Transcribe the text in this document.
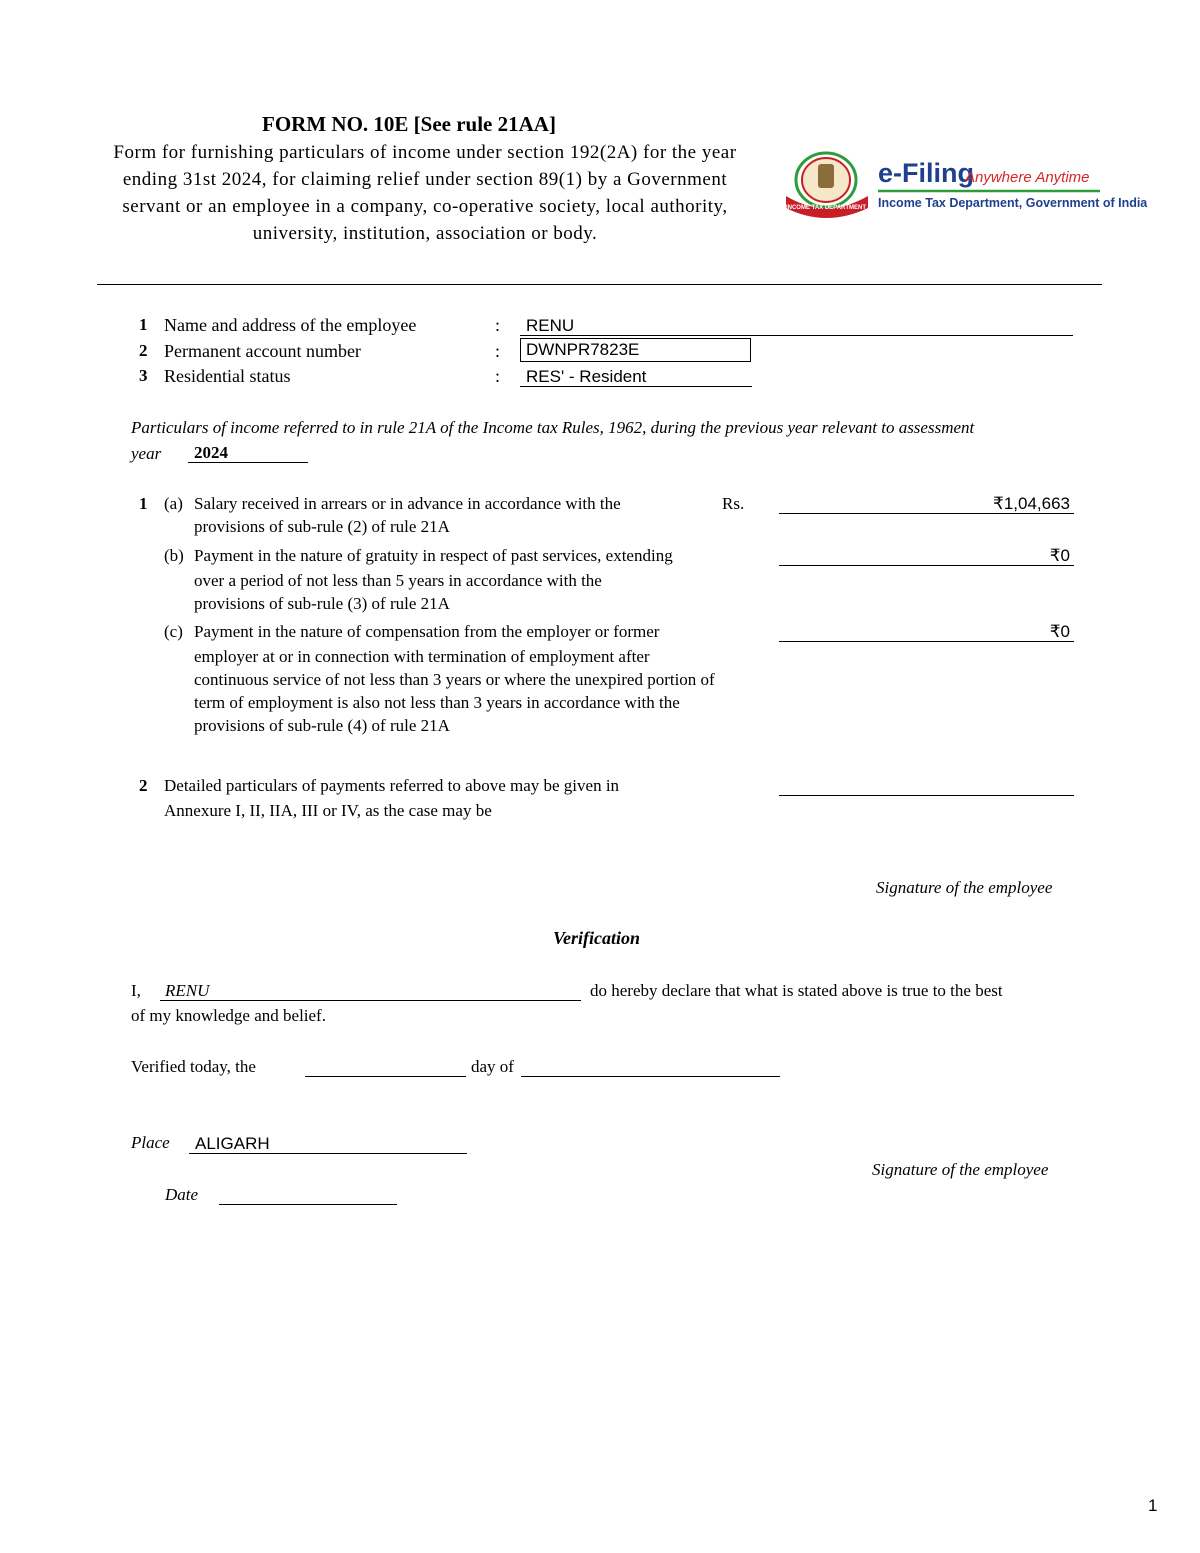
FORM NO. 10E [See rule 21AA]
Form for furnishing particulars of income under section 192(2A) for the year ending 31st 2024, for claiming relief under section 89(1) by a Government servant or an employee in a company, co-operative society, local authority, university, institution, association or body.
INCOME TAX DEPARTMENT
e-Filing
Anywhere Anytime
Income Tax Department, Government of India
1 Name and address of the employee	: RENU
2 Permanent account number	: DWNPR7823E
3 Residential status	: RES' - Resident
Particulars of income referred to in rule 21A of the Income tax Rules, 1962, during the previous year relevant to assessment
year 2024
1 (a) Salary received in arrears or in advance in accordance with the
provisions of sub-rule (2) of rule 21A
Rs.	₹1,04,663
(b) Payment in the nature of gratuity in respect of past services, extending
over a period of not less than 5 years in accordance with the provisions of sub-rule (3) of rule 21A
₹0
(c) Payment in the nature of compensation from the employer or former
employer at or in connection with termination of employment after continuous service of not less than 3 years or where the unexpired portion of term of employment is also not less than 3 years in accordance with the provisions of sub-rule (4) of rule 21A
₹0
2 Detailed particulars of payments referred to above may be given in
Annexure I, II, IIA, III or IV, as the case may be
Signature of the employee
Verification
I, RENU	do hereby declare that what is stated above is true to the best
of my knowledge and belief.
Verified today, the	day of
Place ALIGARH
Signature of the employee
Date
1
